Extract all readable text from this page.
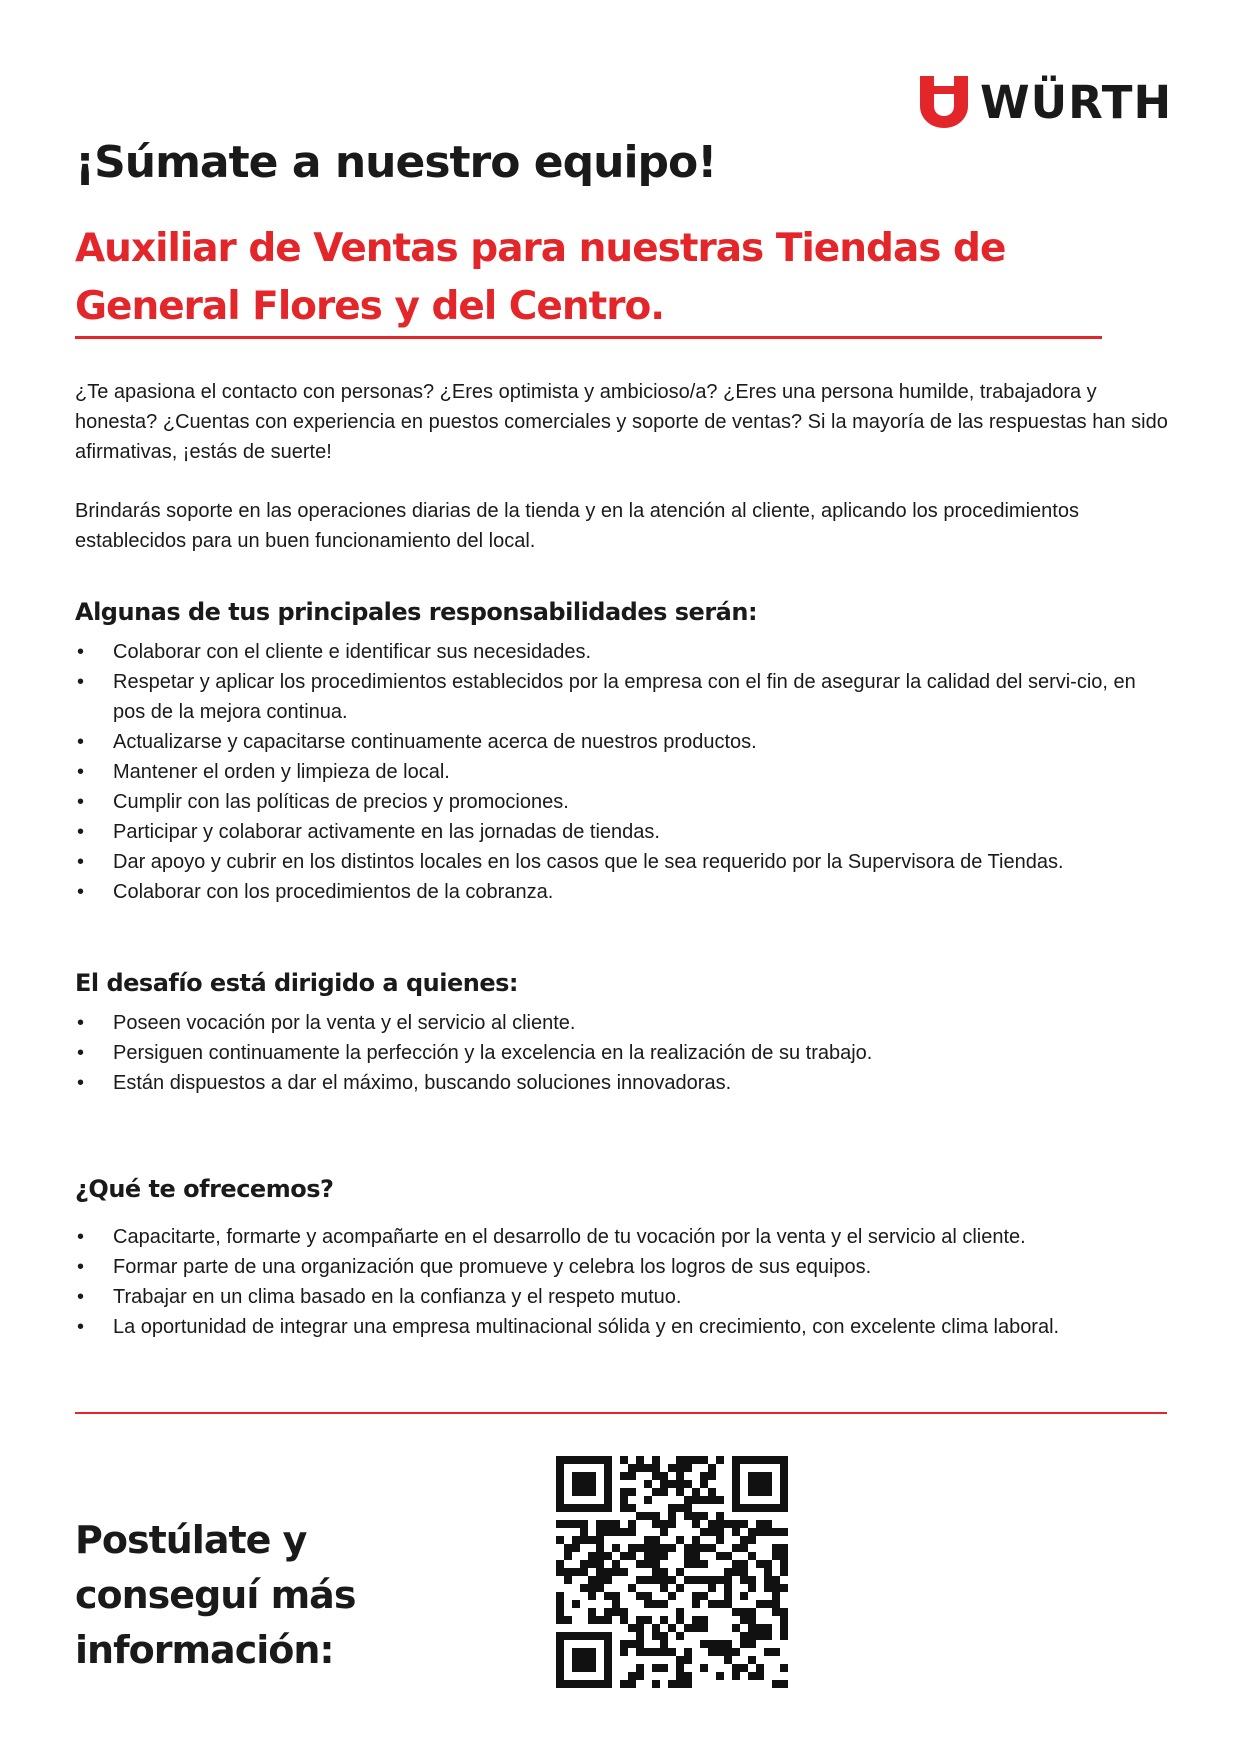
WÜRTH
¡Súmate a nuestro equipo!
Auxiliar de Ventas para nuestras Tiendas de General Flores y del Centro.

¿Te apasiona el contacto con personas? ¿Eres optimista y ambicioso/a? ¿Eres una persona humilde, trabajadora y honesta? ¿Cuentas con experiencia en puestos comerciales y soporte de ventas? Si la mayoría de las respuestas han sido afirmativas, ¡estás de suerte!

Brindarás soporte en las operaciones diarias de la tienda y en la atención al cliente, aplicando los procedimientos establecidos para un buen funcionamiento del local.

Algunas de tus principales responsabilidades serán:
• Colaborar con el cliente e identificar sus necesidades.
• Respetar y aplicar los procedimientos establecidos por la empresa con el fin de asegurar la calidad del servi-cio, en pos de la mejora continua.
• Actualizarse y capacitarse continuamente acerca de nuestros productos.
• Mantener el orden y limpieza de local.
• Cumplir con las políticas de precios y promociones.
• Participar y colaborar activamente en las jornadas de tiendas.
• Dar apoyo y cubrir en los distintos locales en los casos que le sea requerido por la Supervisora de Tiendas.
• Colaborar con los procedimientos de la cobranza.
El desafío está dirigido a quienes:
• Poseen vocación por la venta y el servicio al cliente.
• Persiguen continuamente la perfección y la excelencia en la realización de su trabajo.
• Están dispuestos a dar el máximo, buscando soluciones innovadoras.
¿Qué te ofrecemos?
• Capacitarte, formarte y acompañarte en el desarrollo de tu vocación por la venta y el servicio al cliente.
• Formar parte de una organización que promueve y celebra los logros de sus equipos.
• Trabajar en un clima basado en la confianza y el respeto mutuo.
• La oportunidad de integrar una empresa multinacional sólida y en crecimiento, con excelente clima laboral.
Postúlate y conseguí más información:
